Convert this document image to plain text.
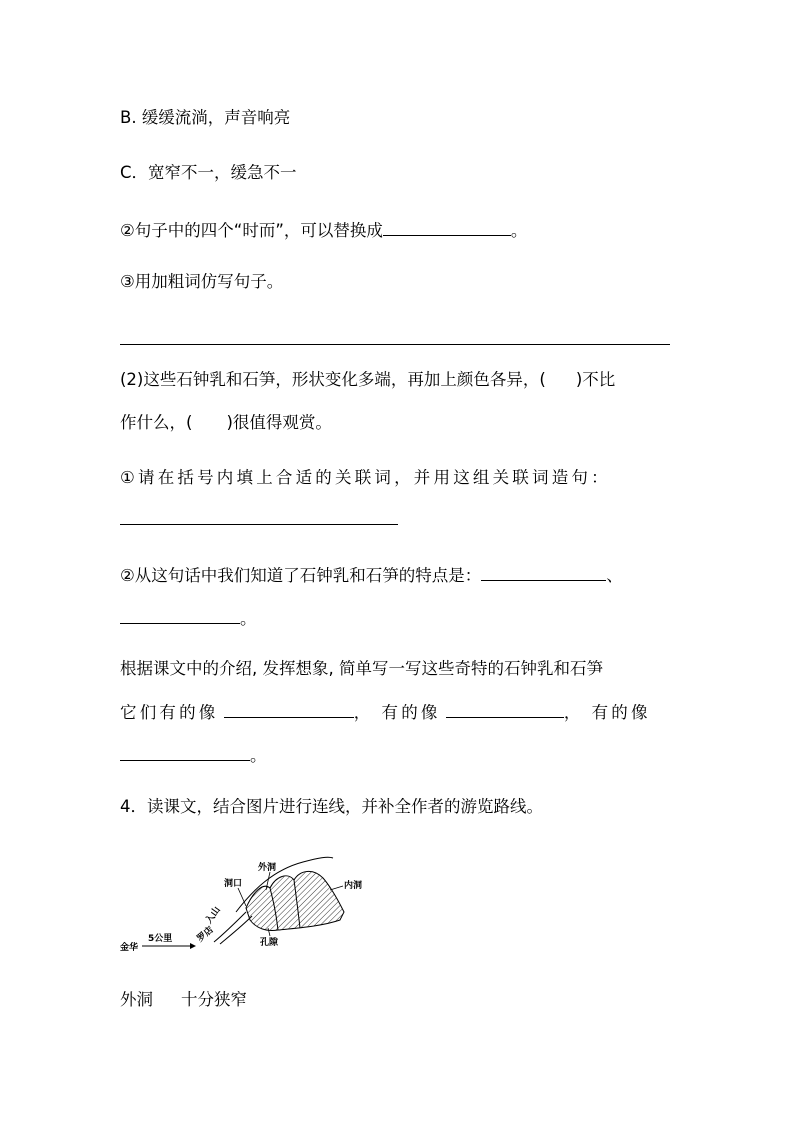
B. 缓缓流淌，声音响亮
C．宽窄不一，缓急不一
②句子中的四个“时而”，可以替换成	。
③用加粗词仿写句子。
(2)这些石钟乳和石笋，形状变化多端，再加上颜色各异，( )不比
作什么，( )很值得观赏。
①请在括号内填上合适的关联词，并用这组关联词造句：
②从这句话中我们知道了石钟乳和石笋的特点是：	、
。
根据课文中的介绍, 发挥想象, 简单写一写这些奇特的石钟乳和石笋
它们有的像	， 有的像	， 有的像
。
4．读课文，结合图片进行连线，并补全作者的游览路线。
金华
5公里	罗店
入山
洞口
外洞
内洞
孔隙
外洞 十分狭窄
